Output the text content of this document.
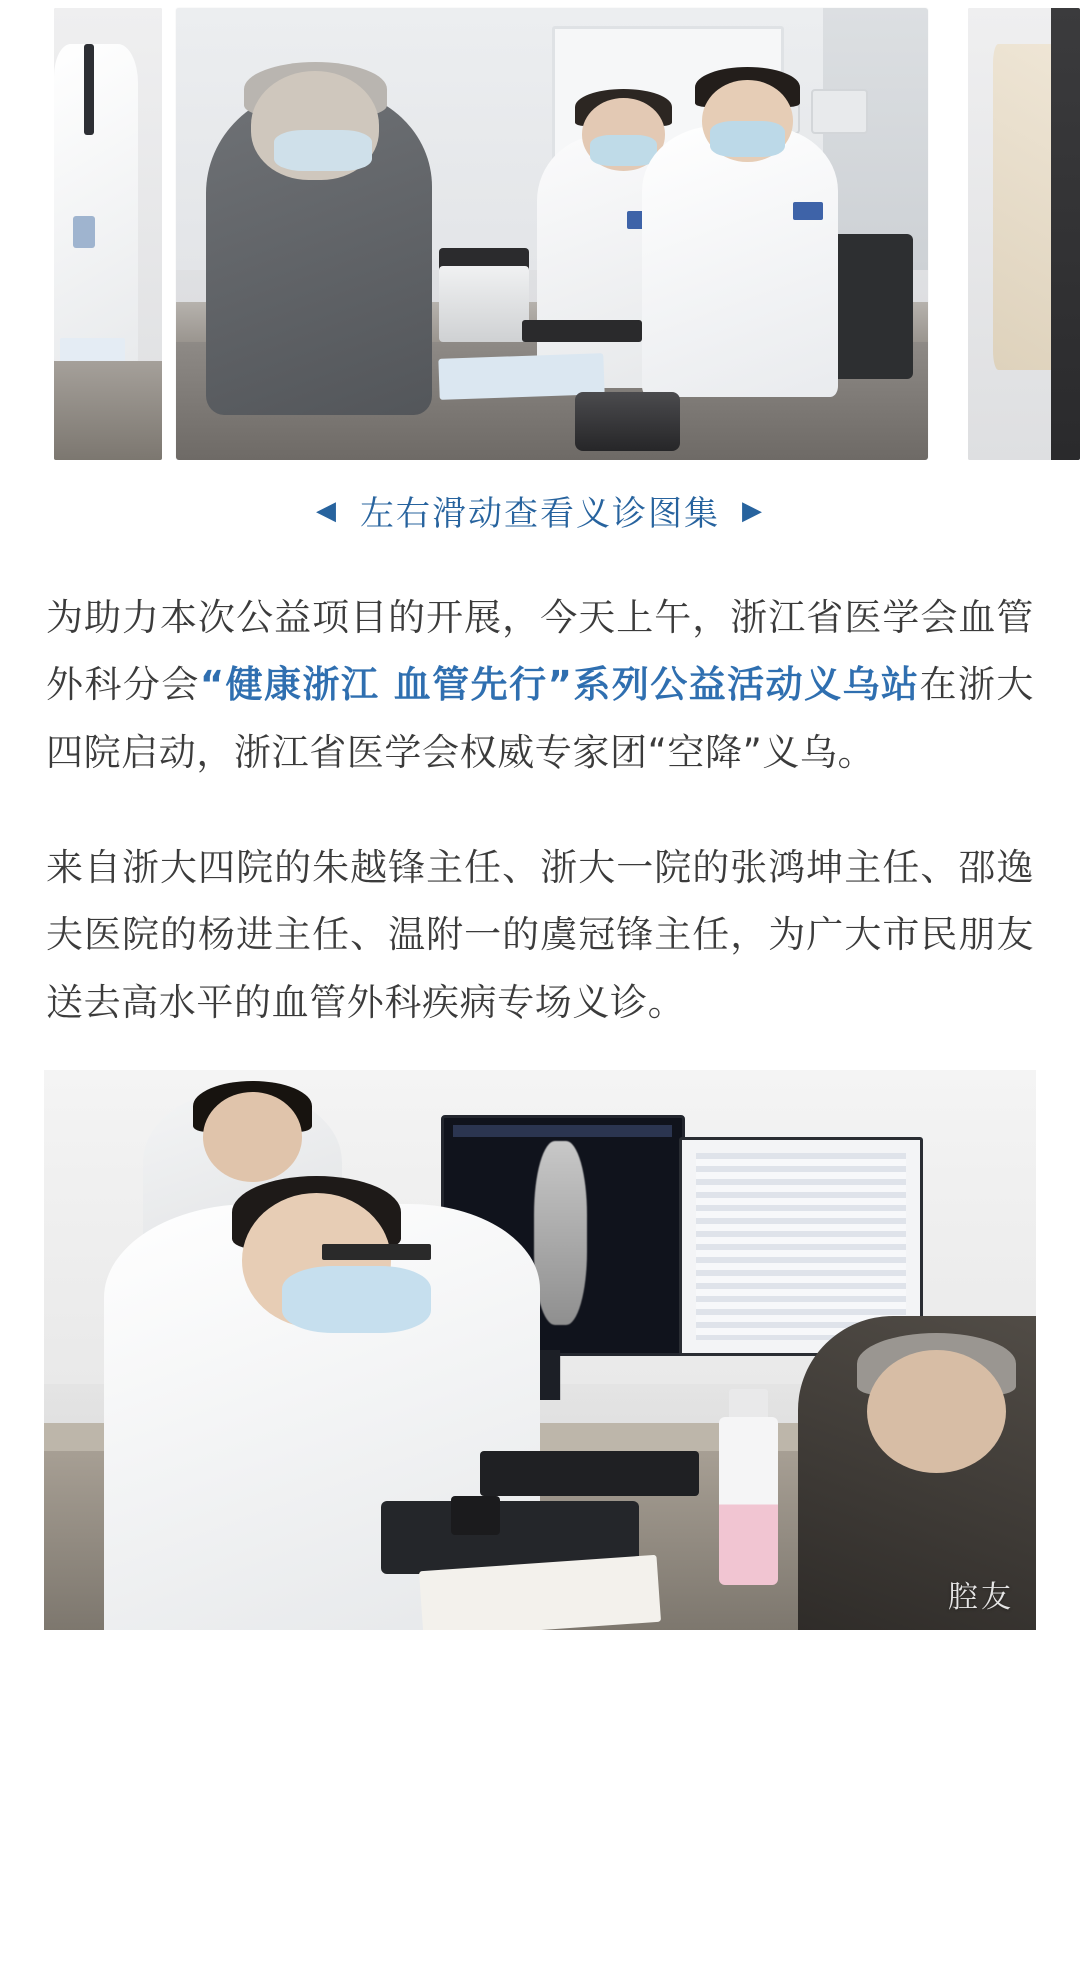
◀ 左右滑动查看义诊图集 ▶

为助力本次公益项目的开展，今天上午，浙江省医学会血管外科分会“健康浙江 血管先行”系列公益活动义乌站在浙大四院启动，浙江省医学会权威专家团“空降”义乌。

来自浙大四院的朱越锋主任、浙大一院的张鸿坤主任、邵逸夫医院的杨进主任、温附一的虞冠锋主任，为广大市民朋友送去高水平的血管外科疾病专场义诊。

腔友
